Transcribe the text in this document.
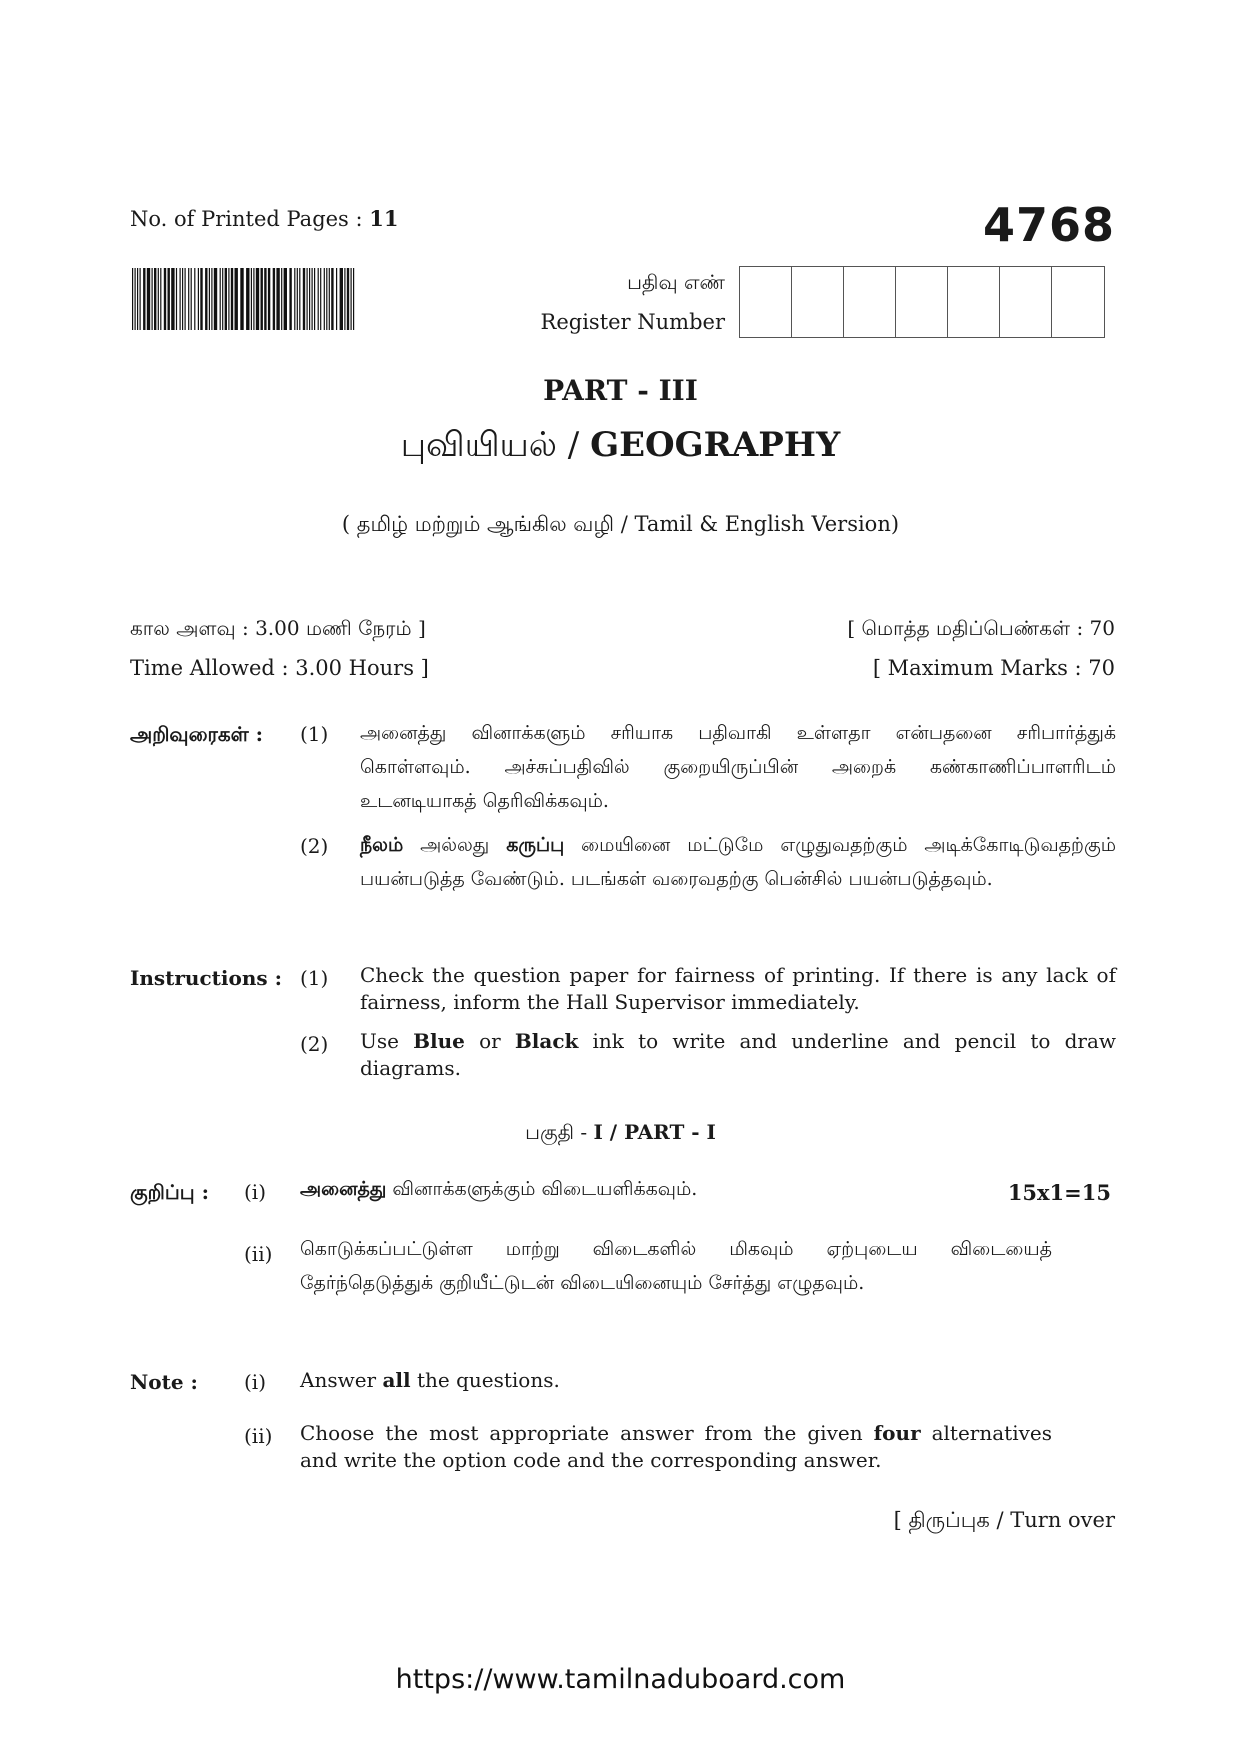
No. of Printed Pages : 11	4768
பதிவு எண்
Register Number
PART - III
புவியியல் / GEOGRAPHY
( தமிழ் மற்றும் ஆங்கில வழி / Tamil & English Version)
கால அளவு : 3.00 மணி நேரம் ]
Time Allowed : 3.00 Hours ]
[ மொத்த மதிப்பெண்கள் : 70
[ Maximum Marks : 70
அறிவுரைகள் : (1) அனைத்து வினாக்களும் சரியாக பதிவாகி உள்ளதா என்பதனை சரிபார்த்துக் கொள்ளவும். அச்சுப்பதிவில் குறையிருப்பின் அறைக் கண்காணிப்பாளரிடம் உடனடியாகத் தெரிவிக்கவும்.
(2) நீலம் அல்லது கருப்பு மையினை மட்டுமே எழுதுவதற்கும் அடிக்கோடிடுவதற்கும் பயன்படுத்த வேண்டும். படங்கள் வரைவதற்கு பென்சில் பயன்படுத்தவும்.
Instructions : (1) Check the question paper for fairness of printing. If there is any lack of fairness, inform the Hall Supervisor immediately.
(2) Use Blue or Black ink to write and underline and pencil to draw diagrams.
பகுதி - I / PART - I
குறிப்பு : (i) அனைத்து வினாக்களுக்கும் விடையளிக்கவும்.	15x1=15
(ii) கொடுக்கப்பட்டுள்ள மாற்று விடைகளில் மிகவும் ஏற்புடைய விடையைத் தேர்ந்தெடுத்துக் குறியீட்டுடன் விடையினையும் சேர்த்து எழுதவும்.
Note : (i) Answer all the questions.
(ii) Choose the most appropriate answer from the given four alternatives and write the option code and the corresponding answer.
[ திருப்புக / Turn over
https://www.tamilnaduboard.com
